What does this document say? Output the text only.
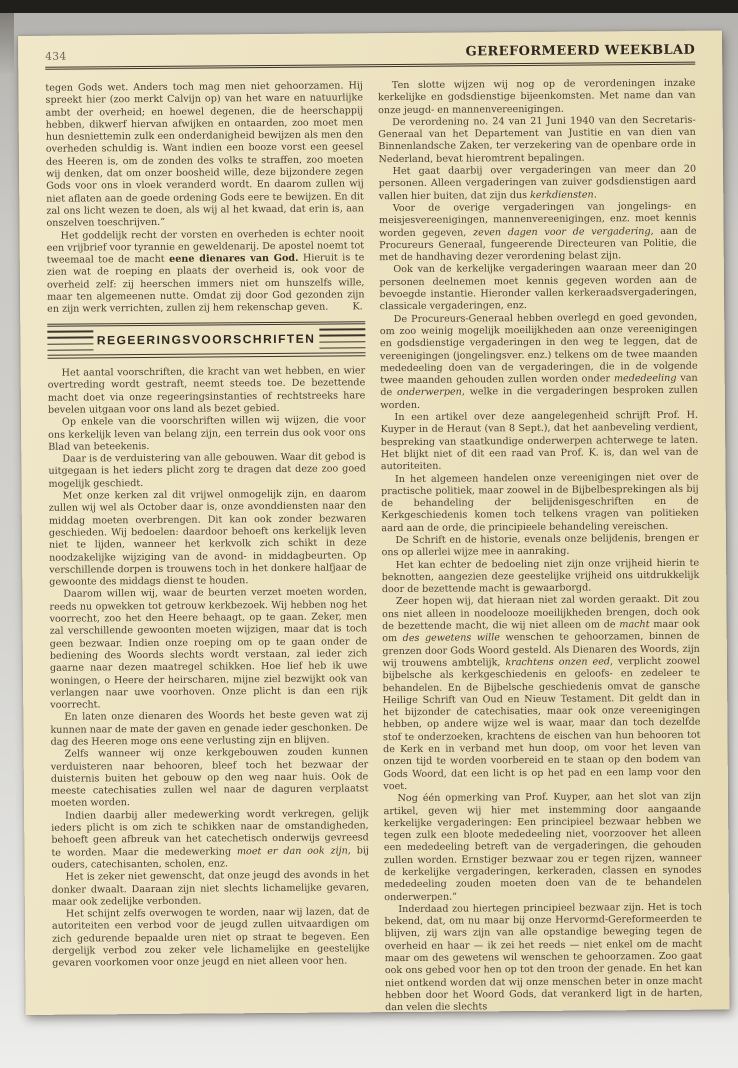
434	GEREFORMEERD WEEKBLAD

tegen Gods wet. Anders toch mag men niet gehoorzamen. Hij spreekt hier (zoo merkt Calvijn op) van het ware en natuurlijke ambt der overheid; en hoewel degenen, die de heerschappij hebben, dikwerf hiervan afwijken en ontaarden, zoo moet men hun desniettemin zulk een onderdanigheid bewijzen als men den overheden schuldig is. Want indien een booze vorst een geesel des Heeren is, om de zonden des volks te straffen, zoo moeten wij denken, dat om onzer boosheid wille, deze bijzondere zegen Gods voor ons in vloek veranderd wordt. En daarom zullen wij niet aflaten aan de goede ordening Gods eere te bewijzen. En dit zal ons licht wezen te doen, als wij al het kwaad, dat erin is, aan onszelven toeschrijven.”

Het goddelijk recht der vorsten en overheden is echter nooit een vrijbrief voor tyrannie en geweldenarij. De apostel noemt tot tweemaal toe de macht eene dienares van God. Hieruit is te zien wat de roeping en plaats der overheid is, ook voor de overheid zelf: zij heerschen immers niet om hunszelfs wille, maar ten algemeenen nutte. Omdat zij door God gezonden zijn en zijn werk verrichten, zullen zij hem rekenschap geven.	K.

REGEERINGSVOORSCHRIFTEN

Het aantal voorschriften, die kracht van wet hebben, en wier overtreding wordt gestraft, neemt steeds toe. De bezettende macht doet via onze regeeringsinstanties of rechtstreeks hare bevelen uitgaan voor ons land als bezet gebied.

Op enkele van die voorschriften willen wij wijzen, die voor ons kerkelijk leven van belang zijn, een terrein dus ook voor ons Blad van beteekenis.

Daar is de verduistering van alle gebouwen. Waar dit gebod is uitgegaan is het ieders plicht zorg te dragen dat deze zoo goed mogelijk geschiedt.

Met onze kerken zal dit vrijwel onmogelijk zijn, en daarom zullen wij wel als October daar is, onze avonddiensten naar den middag moeten overbrengen. Dit kan ook zonder bezwaren geschieden. Wij bedoelen: daardoor behoeft ons kerkelijk leven niet te lijden, wanneer het kerkvolk zich schikt in deze noodzakelijke wijziging van de avond- in middagbeurten. Op verschillende dorpen is trouwens toch in het donkere halfjaar de gewoonte des middags dienst te houden.

Daarom willen wij, waar de beurten verzet moeten worden, reeds nu opwekken tot getrouw kerkbezoek. Wij hebben nog het voorrecht, zoo het den Heere behaagt, op te gaan. Zeker, men zal verschillende gewoonten moeten wijzigen, maar dat is toch geen bezwaar. Indien onze roeping om op te gaan onder de bediening des Woords slechts wordt verstaan, zal ieder zich gaarne naar dezen maatregel schikken. Hoe lief heb ik uwe woningen, o Heere der heirscharen, mijne ziel bezwijkt ook van verlangen naar uwe voorhoven. Onze plicht is dan een rijk voorrecht.

En laten onze dienaren des Woords het beste geven wat zij kunnen naar de mate der gaven en genade ieder geschonken. De dag des Heeren moge ons eene verlusting zijn en blijven.

Zelfs wanneer wij onze kerkgebouwen zouden kunnen verduisteren naar behooren, bleef toch het bezwaar der duisternis buiten het gebouw op den weg naar huis. Ook de meeste catechisaties zullen wel naar de daguren verplaatst moeten worden.

Indien daarbij aller medewerking wordt verkregen, gelijk ieders plicht is om zich te schikken naar de omstandigheden, behoeft geen afbreuk van het catechetisch onderwijs gevreesd te worden. Maar die medewerking moet er dan ook zijn, bij ouders, catechisanten, scholen, enz.

Het is zeker niet gewenscht, dat onze jeugd des avonds in het donker dwaalt. Daaraan zijn niet slechts lichamelijke gevaren, maar ook zedelijke verbonden.

Het schijnt zelfs overwogen te worden, naar wij lazen, dat de autoriteiten een verbod voor de jeugd zullen uitvaardigen om zich gedurende bepaalde uren niet op straat te begeven. Een dergelijk verbod zou zeker vele lichamelijke en geestelijke gevaren voorkomen voor onze jeugd en niet alleen voor hen.

Ten slotte wijzen wij nog op de verordeningen inzake kerkelijke en godsdienstige bijeenkomsten. Met name dan van onze jeugd- en mannenvereenigingen.

De verordening no. 24 van 21 Juni 1940 van den Secretaris-Generaal van het Departement van Justitie en van dien van Binnenlandsche Zaken, ter verzekering van de openbare orde in Nederland, bevat hieromtrent bepalingen.

Het gaat daarbij over vergaderingen van meer dan 20 personen. Alleen vergaderingen van zuiver godsdienstigen aard vallen hier buiten, dat zijn dus kerkdiensten.

Voor de overige vergaderingen van jongelings- en meisjesvereenigingen, mannenvereenigingen, enz. moet kennis worden gegeven, zeven dagen voor de vergadering, aan de Procureurs Generaal, fungeerende Directeuren van Politie, die met de handhaving dezer verordening belast zijn.

Ook van de kerkelijke vergaderingen waaraan meer dan 20 personen deelnemen moet kennis gegeven worden aan de bevoegde instantie. Hieronder vallen kerkeraadsvergaderingen, classicale vergaderingen, enz.

De Procureurs-Generaal hebben overlegd en goed gevonden, om zoo weinig mogelijk moeilijkheden aan onze vereenigingen en godsdienstige vergaderingen in den weg te leggen, dat de vereenigingen (jongelingsver. enz.) telkens om de twee maanden mededeeling doen van de vergaderingen, die in de volgende twee maanden gehouden zullen worden onder mededeeling van de onderwerpen, welke in die vergaderingen besproken zullen worden.

In een artikel over deze aangelegenheid schrijft Prof. H. Kuyper in de Heraut (van 8 Sept.), dat het aanbeveling verdient, bespreking van staatkundige onderwerpen achterwege te laten. Het blijkt niet of dit een raad van Prof. K. is, dan wel van de autoriteiten.

In het algemeen handelen onze vereenigingen niet over de practische politiek, maar zoowel in de Bijbelbesprekingen als bij de behandeling der belijdenisgeschriften en de Kerkgeschiedenis komen toch telkens vragen van politieken aard aan de orde, die principieele behandeling vereischen.

De Schrift en de historie, evenals onze belijdenis, brengen er ons op allerlei wijze mee in aanraking.

Het kan echter de bedoeling niet zijn onze vrijheid hierin te beknotten, aangezien deze geestelijke vrijheid ons uitdrukkelijk door de bezettende macht is gewaarborgd.

Zeer hopen wij, dat hieraan niet zal worden geraakt. Dit zou ons niet alleen in noodelooze moeilijkheden brengen, doch ook de bezettende macht, die wij niet alleen om de macht maar ook om des gewetens wille wenschen te gehoorzamen, binnen de grenzen door Gods Woord gesteld. Als Dienaren des Woords, zijn wij trouwens ambtelijk, krachtens onzen eed, verplicht zoowel bijbelsche als kerkgeschiedenis en geloofs- en zedeleer te behandelen. En de Bijbelsche geschiedenis omvat de gansche Heilige Schrift van Oud en Nieuw Testament. Dit geldt dan in het bijzonder de catechisaties, maar ook onze vereenigingen hebben, op andere wijze wel is waar, maar dan toch dezelfde stof te onderzoeken, krachtens de eischen van hun behooren tot de Kerk en in verband met hun doop, om voor het leven van onzen tijd te worden voorbereid en te staan op den bodem van Gods Woord, dat een licht is op het pad en een lamp voor den voet.

Nog één opmerking van Prof. Kuyper, aan het slot van zijn artikel, geven wij hier met instemming door aangaande kerkelijke vergaderingen: Een principieel bezwaar hebben we tegen zulk een bloote mededeeling niet, voorzoover het alleen een mededeeling betreft van de vergaderingen, die gehouden zullen worden. Ernstiger bezwaar zou er tegen rijzen, wanneer de kerkelijke vergaderingen, kerkeraden, classen en synodes mededeeling zouden moeten doen van de te behandelen onderwerpen.”

Inderdaad zou hiertegen principieel bezwaar zijn. Het is toch bekend, dat, om nu maar bij onze Hervormd-Gereformeerden te blijven, zij wars zijn van alle opstandige beweging tegen de overheid en haar — ik zei het reeds — niet enkel om de macht maar om des gewetens wil wenschen te gehoorzamen. Zoo gaat ook ons gebed voor hen op tot den troon der genade. En het kan niet ontkend worden dat wij onze menschen beter in onze macht hebben door het Woord Gods, dat verankerd ligt in de harten, dan velen die slechts
